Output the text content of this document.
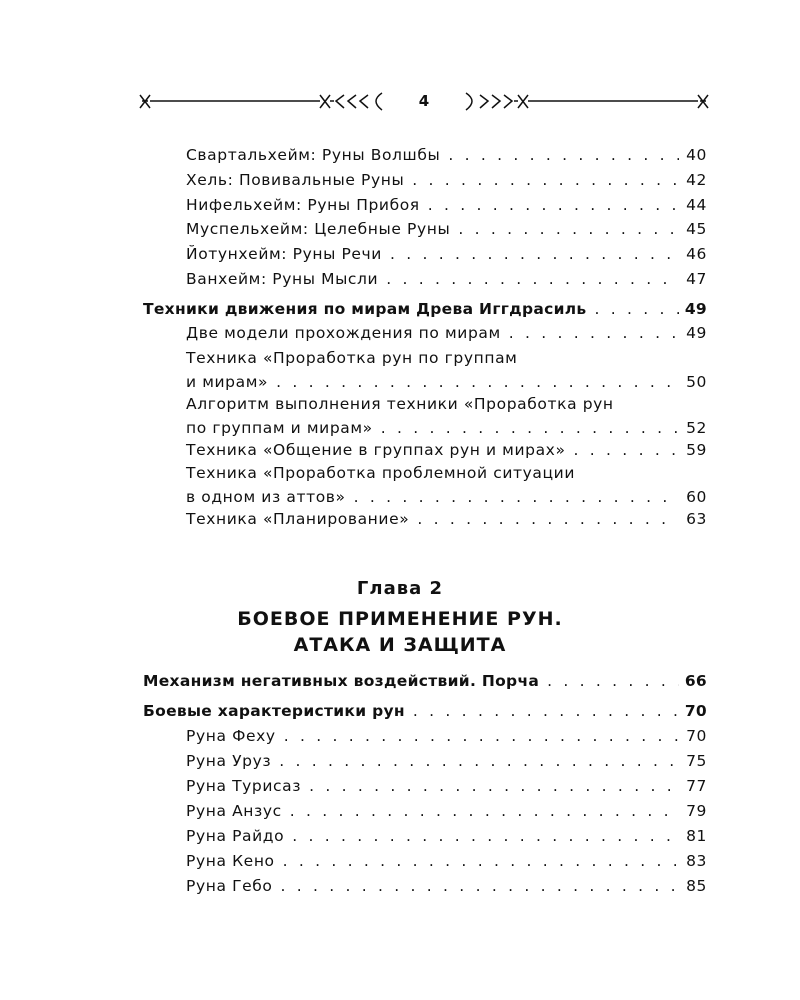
4
Свартальхейм: Руны Волшбы . . .	40
Хель: Повивальные Руны . . .	42
Нифельхейм: Руны Прибоя . . .	44
Муспельхейм: Целебные Руны . . .	45
Йотунхейм: Руны Речи . . .	46
Ванхейм: Руны Мысли . . .	47
Техники движения по мирам Древа Иггдрасиль . . .	49
Две модели прохождения по мирам . . .	49
Техника «Проработка рун по группам
и мирам» . . .	50
Алгоритм выполнения техники «Проработка рун
по группам и мирам» . . .	52
Техника «Общение в группах рун и мирах» . . .	59
Техника «Проработка проблемной ситуации
в одном из аттов» . . .	60
Техника «Планирование» . . .	63
Глава 2
БОЕВОЕ ПРИМЕНЕНИЕ РУН.
АТАКА И ЗАЩИТА
Механизм негативных воздействий. Порча . . .	66
Боевые характеристики рун . . .	70
Руна Феху . . .	70
Руна Уруз . . .	75
Руна Турисаз . . .	77
Руна Анзус . . .	79
Руна Райдо . . .	81
Руна Кено . . .	83
Руна Гебо . . .	85
